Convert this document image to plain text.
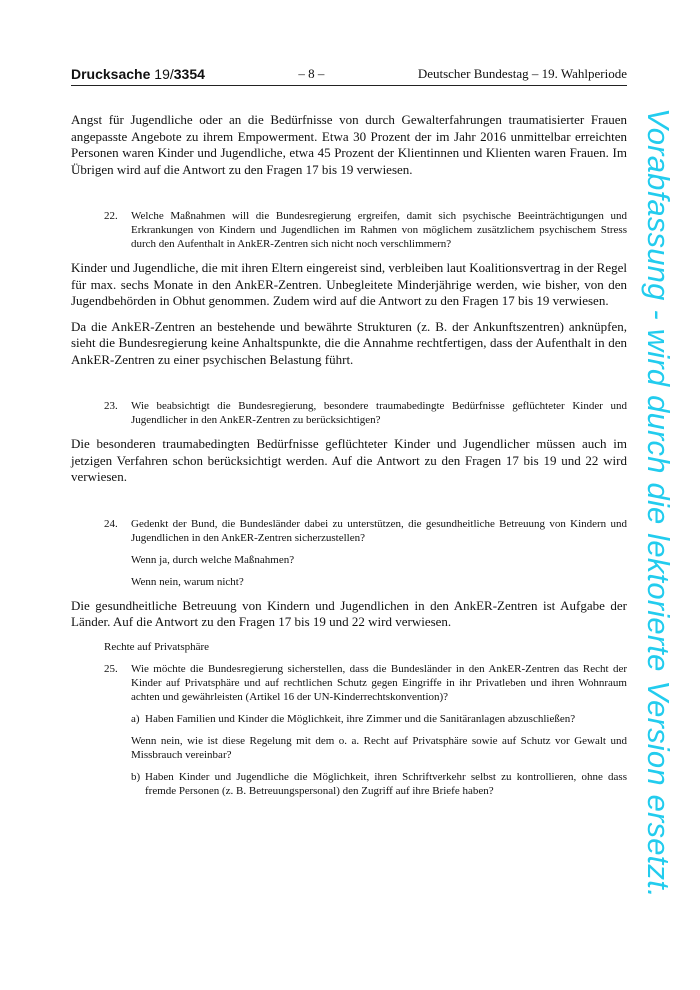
Drucksache 19/3354	– 8 –	Deutscher Bundestag – 19. Wahlperiode

Angst für Jugendliche oder an die Bedürfnisse von durch Gewalterfahrungen traumatisierter Frauen angepasste Angebote zu ihrem Empowerment. Etwa 30 Prozent der im Jahr 2016 unmittelbar erreichten Personen waren Kinder und Jugendliche, etwa 45 Prozent der Klientinnen und Klienten waren Frauen. Im Übrigen wird auf die Antwort zu den Fragen 17 bis 19 verwiesen.

22.	Welche Maßnahmen will die Bundesregierung ergreifen, damit sich psychische Beeinträchtigungen und Erkrankungen von Kindern und Jugendlichen im Rahmen von möglichem zusätzlichem psychischem Stress durch den Aufenthalt in AnkER-Zentren sich nicht noch verschlimmern?

Kinder und Jugendliche, die mit ihren Eltern eingereist sind, verbleiben laut Koalitionsvertrag in der Regel für max. sechs Monate in den AnkER-Zentren. Unbegleitete Minderjährige werden, wie bisher, von den Jugendbehörden in Obhut genommen. Zudem wird auf die Antwort zu den Fragen 17 bis 19 verwiesen.

Da die AnkER-Zentren an bestehende und bewährte Strukturen (z. B. der Ankunftszentren) anknüpfen, sieht die Bundesregierung keine Anhaltspunkte, die die Annahme rechtfertigen, dass der Aufenthalt in den AnkER-Zentren zu einer psychischen Belastung führt.

23.	Wie beabsichtigt die Bundesregierung, besondere traumabedingte Bedürfnisse geflüchteter Kinder und Jugendlicher in den AnkER-Zentren zu berücksichtigen?

Die besonderen traumabedingten Bedürfnisse geflüchteter Kinder und Jugendlicher müssen auch im jetzigen Verfahren schon berücksichtigt werden. Auf die Antwort zu den Fragen 17 bis 19 und 22 wird verwiesen.

24.	Gedenkt der Bund, die Bundesländer dabei zu unterstützen, die gesundheitliche Betreuung von Kindern und Jugendlichen in den AnkER-Zentren sicherzustellen?

Wenn ja, durch welche Maßnahmen?

Wenn nein, warum nicht?

Die gesundheitliche Betreuung von Kindern und Jugendlichen in den AnkER-Zentren ist Aufgabe der Länder. Auf die Antwort zu den Fragen 17 bis 19 und 22 wird verwiesen.

Rechte auf Privatsphäre
25.	Wie möchte die Bundesregierung sicherstellen, dass die Bundesländer in den AnkER-Zentren das Recht der Kinder auf Privatsphäre und auf rechtlichen Schutz gegen Eingriffe in ihr Privatleben und ihren Wohnraum achten und gewährleisten (Artikel 16 der UN-Kinderrechtskonvention)?

a) Haben Familien und Kinder die Möglichkeit, ihre Zimmer und die Sanitäranlagen abzuschließen?

Wenn nein, wie ist diese Regelung mit dem o. a. Recht auf Privatsphäre sowie auf Schutz vor Gewalt und Missbrauch vereinbar?

b) Haben Kinder und Jugendliche die Möglichkeit, ihren Schriftverkehr selbst zu kontrollieren, ohne dass fremde Personen (z. B. Betreuungspersonal) den Zugriff auf ihre Briefe haben?	Vorabfassung - wird durch die lektorierte Version ersetzt.
